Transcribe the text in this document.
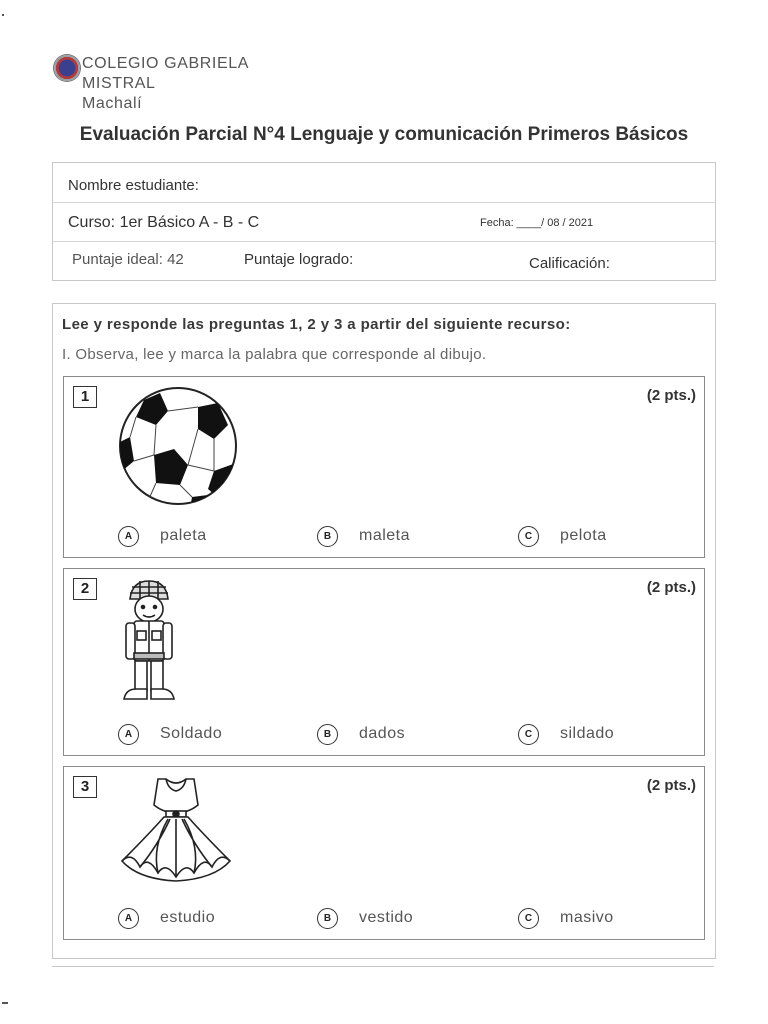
COLEGIO GABRIELA
MISTRAL
Machalí
Evaluación Parcial N°4 Lenguaje y comunicación Primeros Básicos
Nombre estudiante:
Curso: 1er Básico A - B - C	Fecha: ____/ 08 / 2021
Puntaje ideal: 42	Puntaje logrado:	Calificación:
Lee y responde las preguntas 1, 2 y 3 a partir del siguiente recurso:
I. Observa, lee y marca la palabra que corresponde al dibujo.
1	(2 pts.)
A	paleta	B	maleta	C	pelota
2	(2 pts.)
A	Soldado	B	dados	C	sildado
3	(2 pts.)
A	estudio	B	vestido	C	masivo
